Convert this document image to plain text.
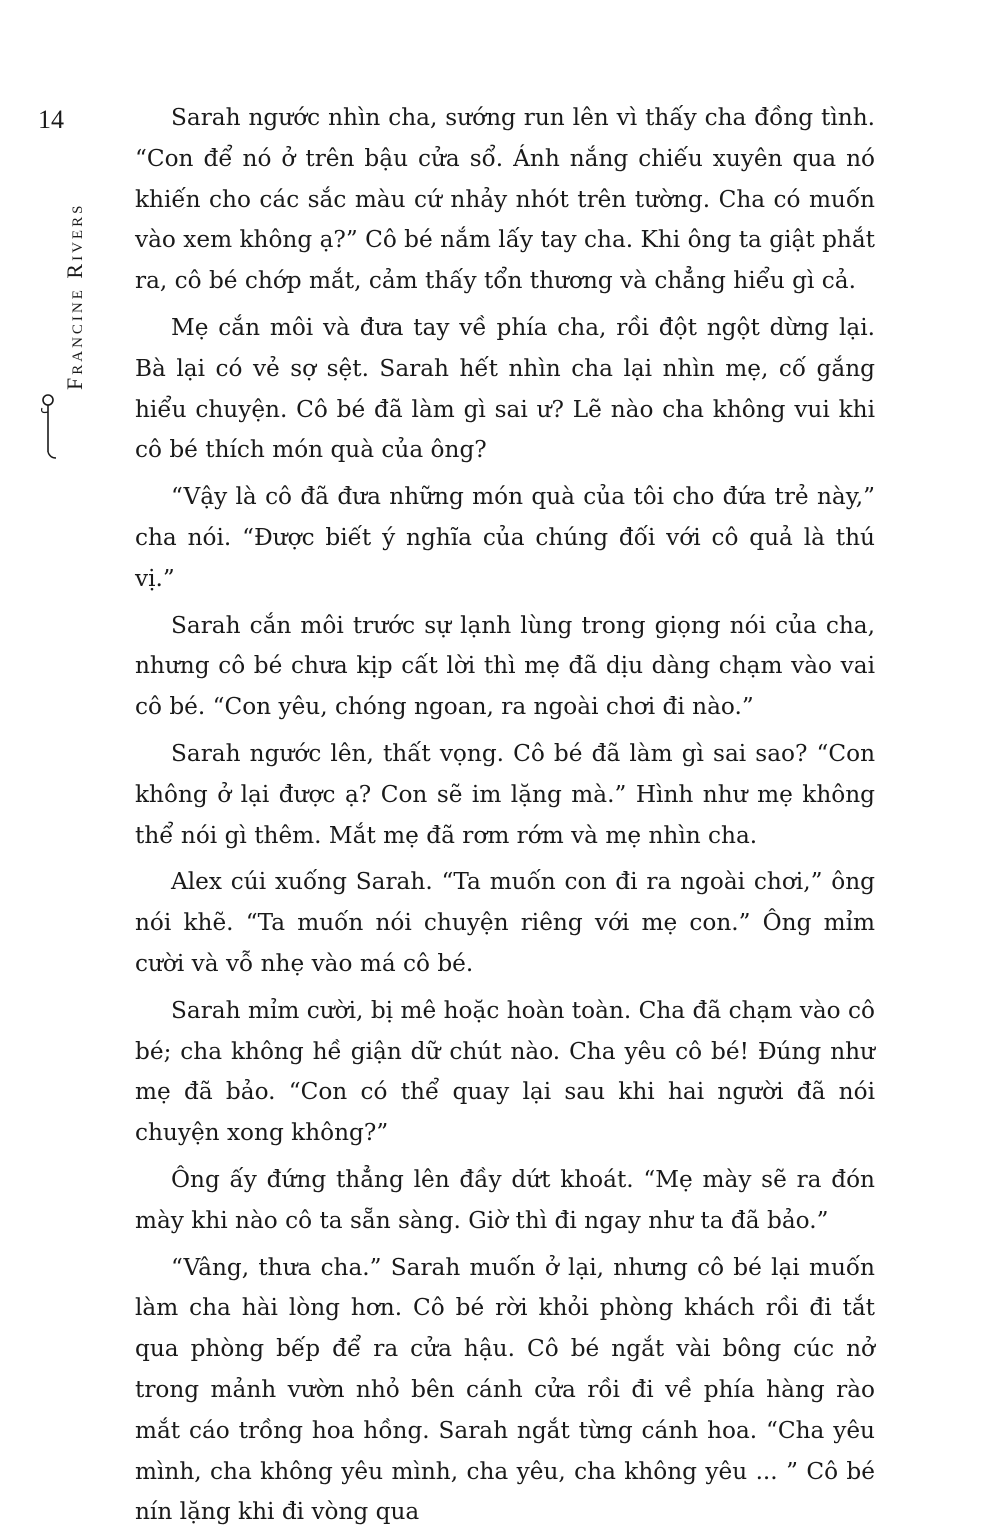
14
Francine Rivers

Sarah ngước nhìn cha, sướng run lên vì thấy cha đồng tình. “Con để nó ở trên bậu cửa sổ. Ánh nắng chiếu xuyên qua nó khiến cho các sắc màu cứ nhảy nhót trên tường. Cha có muốn vào xem không ạ?” Cô bé nắm lấy tay cha. Khi ông ta giật phắt ra, cô bé chớp mắt, cảm thấy tổn thương và chẳng hiểu gì cả.

Mẹ cắn môi và đưa tay về phía cha, rồi đột ngột dừng lại. Bà lại có vẻ sợ sệt. Sarah hết nhìn cha lại nhìn mẹ, cố gắng hiểu chuyện. Cô bé đã làm gì sai ư? Lẽ nào cha không vui khi cô bé thích món quà của ông?

“Vậy là cô đã đưa những món quà của tôi cho đứa trẻ này,” cha nói. “Được biết ý nghĩa của chúng đối với cô quả là thú vị.”

Sarah cắn môi trước sự lạnh lùng trong giọng nói của cha, nhưng cô bé chưa kịp cất lời thì mẹ đã dịu dàng chạm vào vai cô bé. “Con yêu, chóng ngoan, ra ngoài chơi đi nào.”

Sarah ngước lên, thất vọng. Cô bé đã làm gì sai sao? “Con không ở lại được ạ? Con sẽ im lặng mà.” Hình như mẹ không thể nói gì thêm. Mắt mẹ đã rơm rớm và mẹ nhìn cha.

Alex cúi xuống Sarah. “Ta muốn con đi ra ngoài chơi,” ông nói khẽ. “Ta muốn nói chuyện riêng với mẹ con.” Ông mỉm cười và vỗ nhẹ vào má cô bé.

Sarah mỉm cười, bị mê hoặc hoàn toàn. Cha đã chạm vào cô bé; cha không hề giận dữ chút nào. Cha yêu cô bé! Đúng như mẹ đã bảo. “Con có thể quay lại sau khi hai người đã nói chuyện xong không?”

Ông ấy đứng thẳng lên đầy dứt khoát. “Mẹ mày sẽ ra đón mày khi nào cô ta sẵn sàng. Giờ thì đi ngay như ta đã bảo.”

“Vâng, thưa cha.” Sarah muốn ở lại, nhưng cô bé lại muốn làm cha hài lòng hơn. Cô bé rời khỏi phòng khách rồi đi tắt qua phòng bếp để ra cửa hậu. Cô bé ngắt vài bông cúc nở trong mảnh vườn nhỏ bên cánh cửa rồi đi về phía hàng rào mắt cáo trồng hoa hồng. Sarah ngắt từng cánh hoa. “Cha yêu mình, cha không yêu mình, cha yêu, cha không yêu ... ” Cô bé nín lặng khi đi vòng qua
